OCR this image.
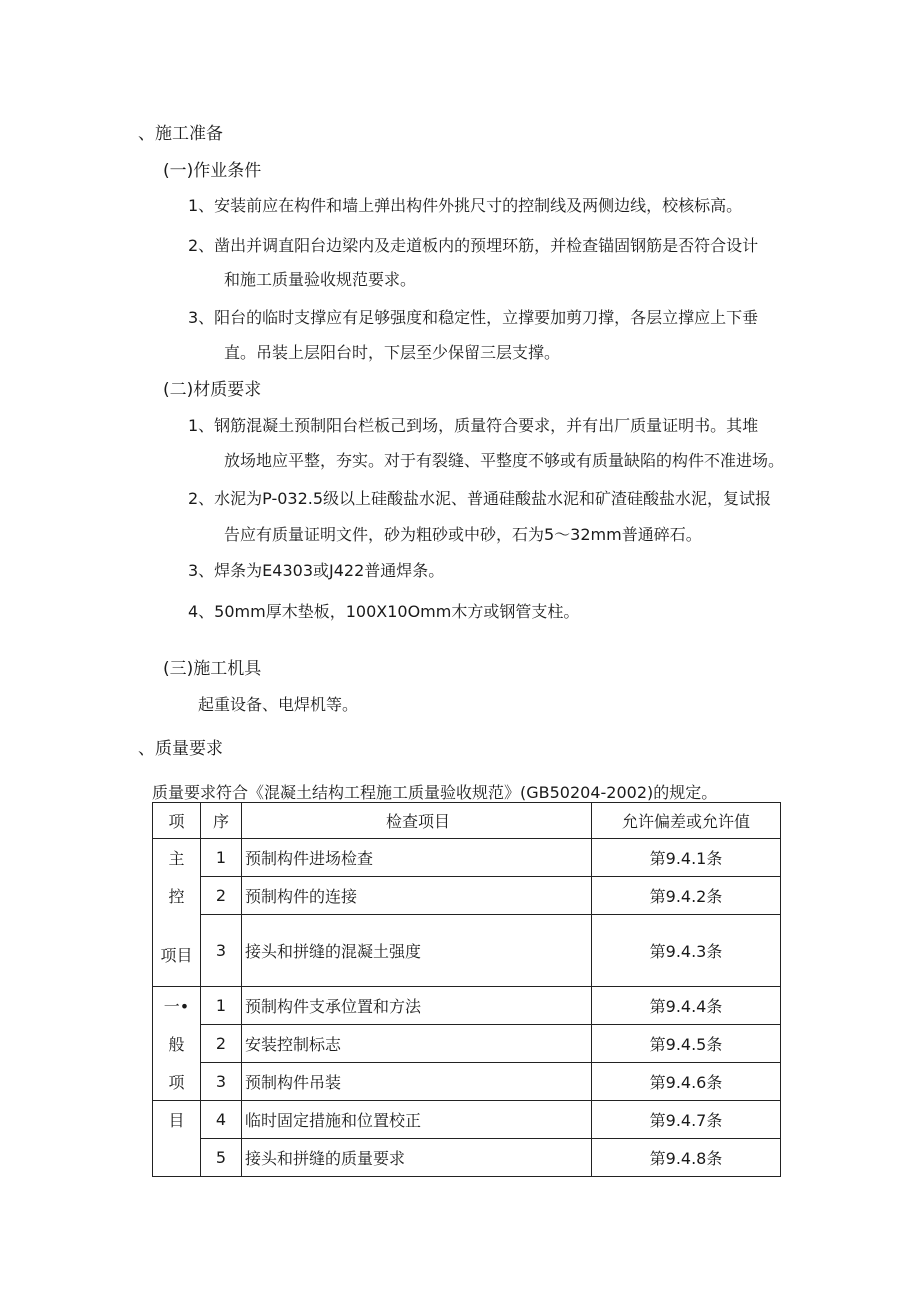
、施工准备
(一)作业条件
1、安装前应在构件和墙上弹出构件外挑尺寸的控制线及两侧边线，校核标高。
2、凿出并调直阳台边梁内及走道板内的预埋环筋，并检查锚固钢筋是否符合设计
和施工质量验收规范要求。
3、阳台的临时支撑应有足够强度和稳定性，立撑要加剪刀撑，各层立撑应上下垂
直。吊装上层阳台时，下层至少保留三层支撑。
(二)材质要求
1、钢筋混凝土预制阳台栏板己到场，质量符合要求，并有出厂质量证明书。其堆
放场地应平整，夯实。对于有裂缝、平整度不够或有质量缺陷的构件不准进场。
2、水泥为P-032.5级以上硅酸盐水泥、普通硅酸盐水泥和矿渣硅酸盐水泥，复试报
告应有质量证明文件，砂为粗砂或中砂，石为5～32mm普通碎石。
3、焊条为E4303或J422普通焊条。
4、50mm厚木垫板，100X10Omm木方或钢管支柱。
(三)施工机具
起重设备、电焊机等。
、质量要求
质量要求符合《混凝土结构工程施工质量验收规范》(GB50204-2002)的规定。
项	序	检查项目	允许偏差或允许值
主	1	预制构件进场检查	第9.4.1条
控	2	预制构件的连接	第9.4.2条
项目	3	接头和拼缝的混凝土强度	第9.4.3条
一•	1	预制构件支承位置和方法	第9.4.4条
般	2	安装控制标志	第9.4.5条
项	3	预制构件吊装	第9.4.6条
目	4	临时固定措施和位置校正	第9.4.7条
	5	接头和拼缝的质量要求	第9.4.8条
